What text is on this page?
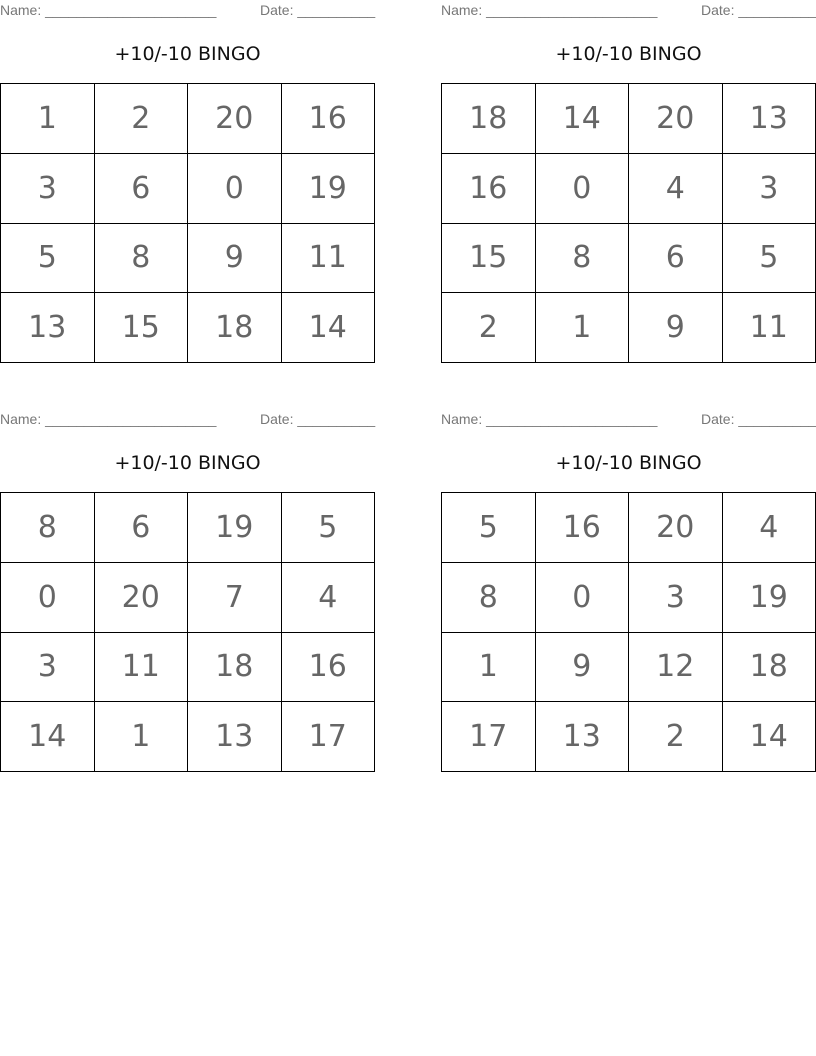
Name: ______________________	Date: __________
+10/-10 BINGO
1	2	20	16
3	6	0	19
5	8	9	11
13	15	18	14
Name: ______________________	Date: __________
+10/-10 BINGO
18	14	20	13
16	0	4	3
15	8	6	5
2	1	9	11
Name: ______________________	Date: __________
+10/-10 BINGO
8	6	19	5
0	20	7	4
3	11	18	16
14	1	13	17
Name: ______________________	Date: __________
+10/-10 BINGO
5	16	20	4
8	0	3	19
1	9	12	18
17	13	2	14
